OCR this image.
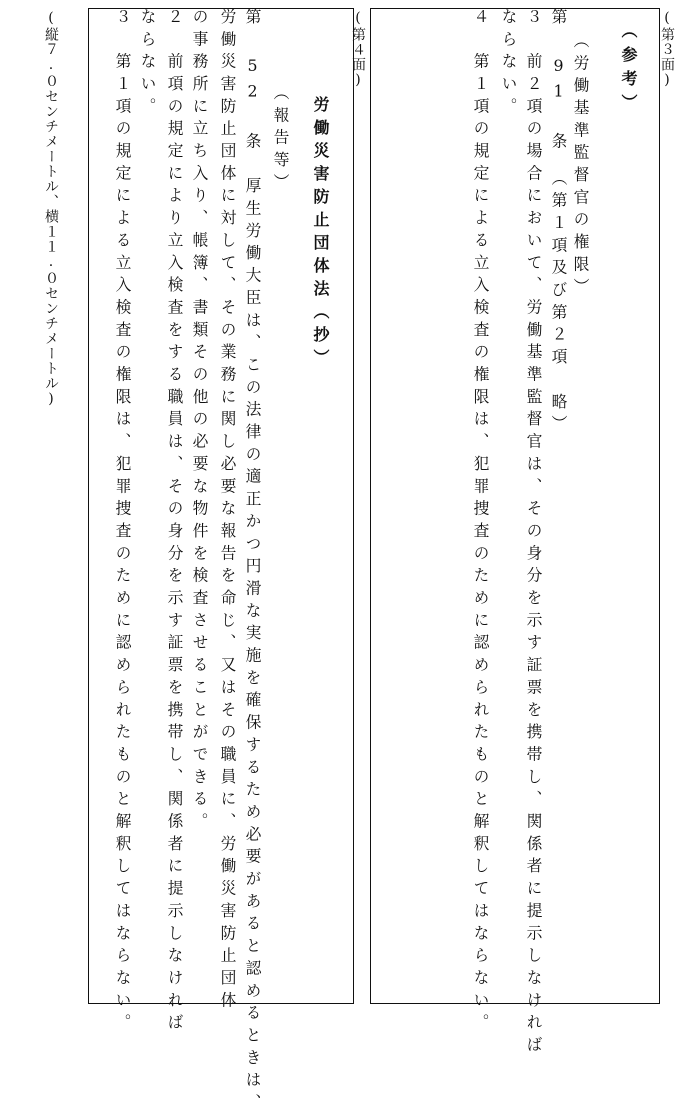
(第３面)
(第４面)
(縦７.０センチメートル、横１１.０センチメートル)	（参考）
（労働基準監督官の権限）
第 91 条　（第１項及び第２項　略）
３　前２項の場合において、労働基準監督官は、その身分を示す証票を携帯し、関係者に提示しなければ
ならない。
４　第１項の規定による立入検査の権限は、犯罪捜査のために認められたものと解釈してはならない。
労働災害防止団体法（抄）
（報告等）
第 52 条　厚生労働大臣は、この法律の適正かつ円滑な実施を確保するため必要があると認めるときは、
労働災害防止団体に対して、その業務に関し必要な報告を命じ、又はその職員に、労働災害防止団体
の事務所に立ち入り、帳簿、書類その他の必要な物件を検査させることができる。
２　前項の規定により立入検査をする職員は、その身分を示す証票を携帯し、関係者に提示しなければ
ならない。
３　第１項の規定による立入検査の権限は、犯罪捜査のために認められたものと解釈してはならない。
